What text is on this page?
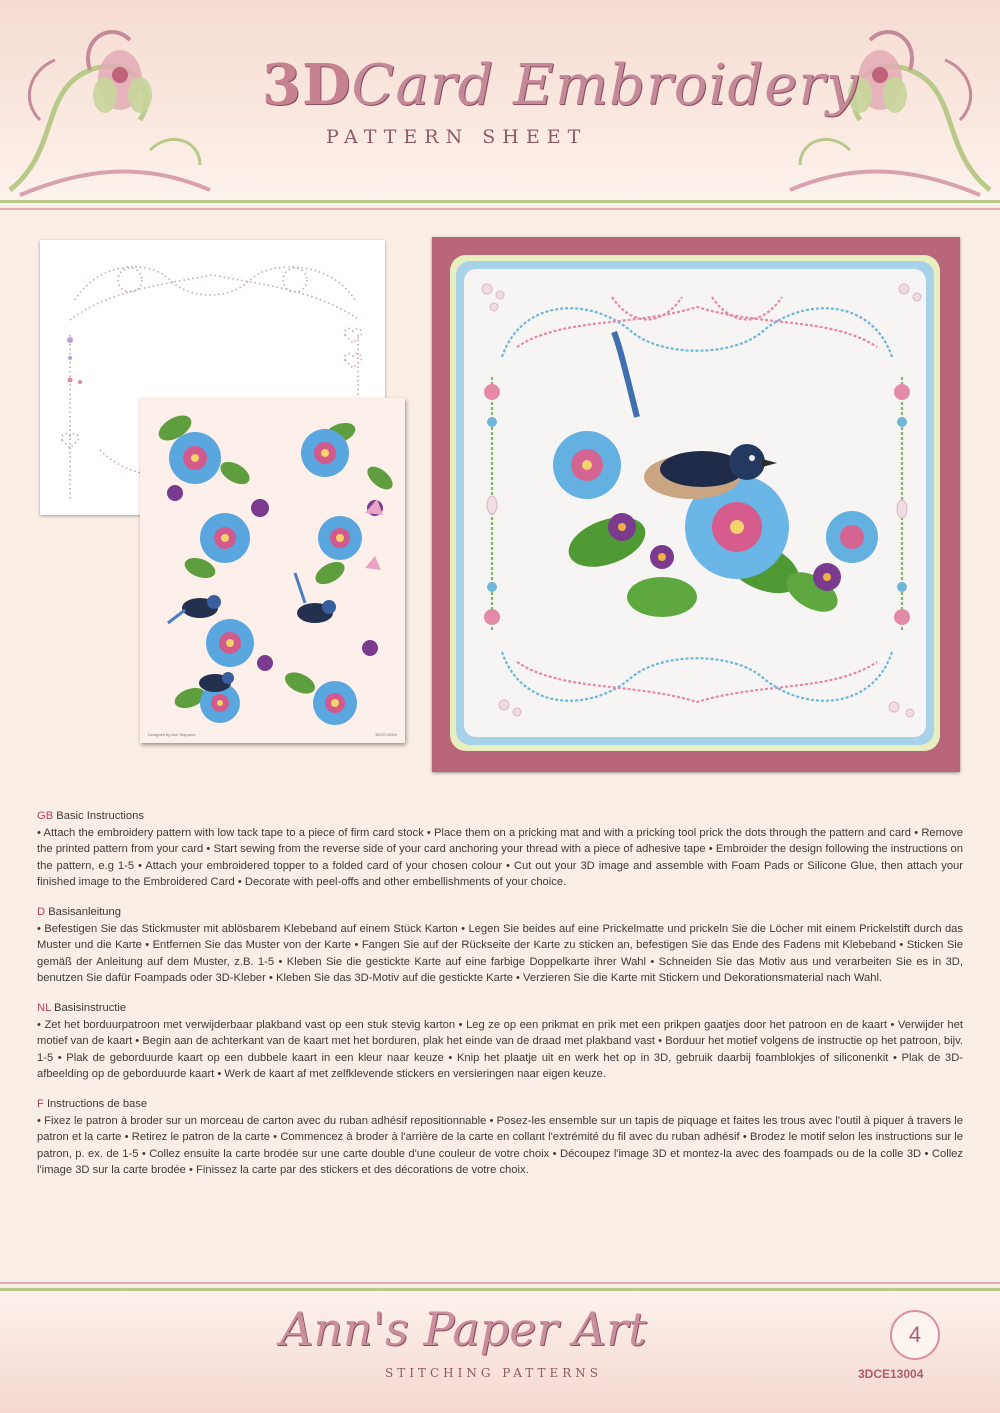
3DCard Embroidery
PATTERN SHEET
Designed by Ann Stappers	3DCE13004
GB Basic Instructions
• Attach the embroidery pattern with low tack tape to a piece of firm card stock • Place them on a pricking mat and with a pricking tool prick the dots through the pattern and card • Remove the printed pattern from your card • Start sewing from the reverse side of your card anchoring your thread with a piece of adhesive tape • Embroider the design following the instructions on the pattern, e.g 1-5 • Attach your embroidered topper to a folded card of your chosen colour • Cut out your 3D image and assemble with Foam Pads or Silicone Glue, then attach your finished image to the Embroidered Card • Decorate with peel-offs and other embellishments of your choice.
D Basisanleitung
• Befestigen Sie das Stickmuster mit ablösbarem Klebeband auf einem Stück Karton • Legen Sie beides auf eine Prickelmatte und prickeln Sie die Löcher mit einem Prickelstift durch das Muster und die Karte • Entfernen Sie das Muster von der Karte • Fangen Sie auf der Rückseite der Karte zu sticken an, befestigen Sie das Ende des Fadens mit Klebeband • Sticken Sie gemäß der Anleitung auf dem Muster, z.B. 1-5 • Kleben Sie die gestickte Karte auf eine farbige Doppelkarte ihrer Wahl • Schneiden Sie das Motiv aus und verarbeiten Sie es in 3D, benutzen Sie dafür Foampads oder 3D-Kleber • Kleben Sie das 3D-Motiv auf die gestickte Karte • Verzieren Sie die Karte mit Stickern und Dekorationsmaterial nach Wahl.
NL Basisinstructie
• Zet het borduurpatroon met verwijderbaar plakband vast op een stuk stevig karton • Leg ze op een prikmat en prik met een prikpen gaatjes door het patroon en de kaart • Verwijder het motief van de kaart • Begin aan de achterkant van de kaart met het borduren, plak het einde van de draad met plakband vast • Borduur het motief volgens de instructie op het patroon, bijv. 1-5 • Plak de geborduurde kaart op een dubbele kaart in een kleur naar keuze • Knip het plaatje uit en werk het op in 3D, gebruik daarbij foamblokjes of siliconenkit • Plak de 3D-afbeelding op de geborduurde kaart • Werk de kaart af met zelfklevende stickers en versieringen naar eigen keuze.
F Instructions de base
• Fixez le patron à broder sur un morceau de carton avec du ruban adhésif repositionnable • Posez-les ensemble sur un tapis de piquage et faites les trous avec l'outil à piquer à travers le patron et la carte • Retirez le patron de la carte • Commencez à broder à l'arrière de la carte en collant l'extrémité du fil avec du ruban adhésif • Brodez le motif selon les instructions sur le patron, p. ex. de 1-5 • Collez ensuite la carte brodée sur une carte double d'une couleur de votre choix • Découpez l'image 3D et montez-la avec des foampads ou de la colle 3D • Collez l'image 3D sur la carte brodée • Finissez la carte par des stickers et des décorations de votre choix.
Ann's Paper Art
STITCHING PATTERNS
4
3DCE13004
